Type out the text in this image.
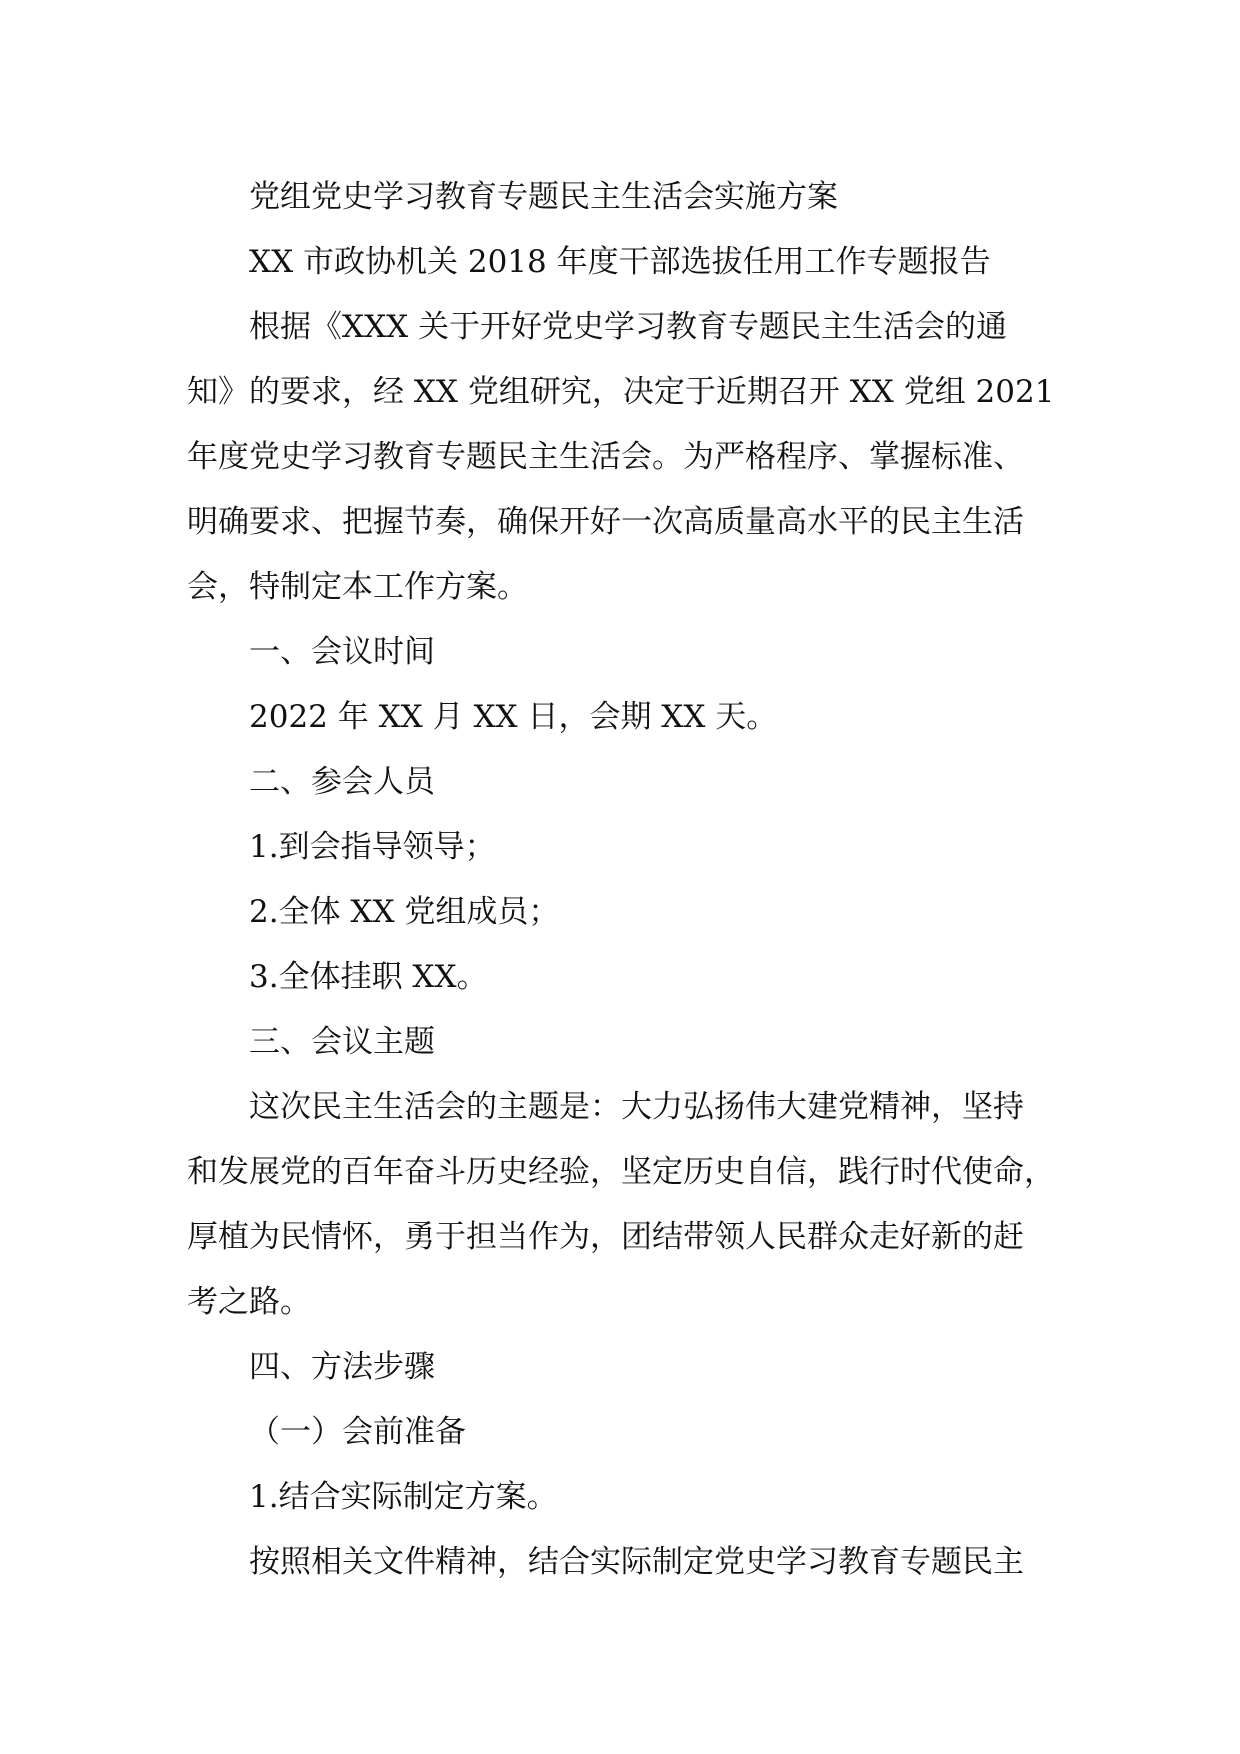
党组党史学习教育专题民主生活会实施方案

XX 市政协机关 2018 年度干部选拔任用工作专题报告

根据《XXX 关于开好党史学习教育专题民主生活会的通

知》的要求，经 XX 党组研究，决定于近期召开 XX 党组 2021

年度党史学习教育专题民主生活会。为严格程序、掌握标准、

明确要求、把握节奏，确保开好一次高质量高水平的民主生活

会，特制定本工作方案。

一、会议时间

2022 年 XX 月 XX 日，会期 XX 天。

二、参会人员

1.到会指导领导；

2.全体 XX 党组成员；

3.全体挂职 XX。

三、会议主题

这次民主生活会的主题是：大力弘扬伟大建党精神，坚持

和发展党的百年奋斗历史经验，坚定历史自信，践行时代使命，

厚植为民情怀，勇于担当作为，团结带领人民群众走好新的赶

考之路。

四、方法步骤

（一）会前准备

1.结合实际制定方案。

按照相关文件精神，结合实际制定党史学习教育专题民主
